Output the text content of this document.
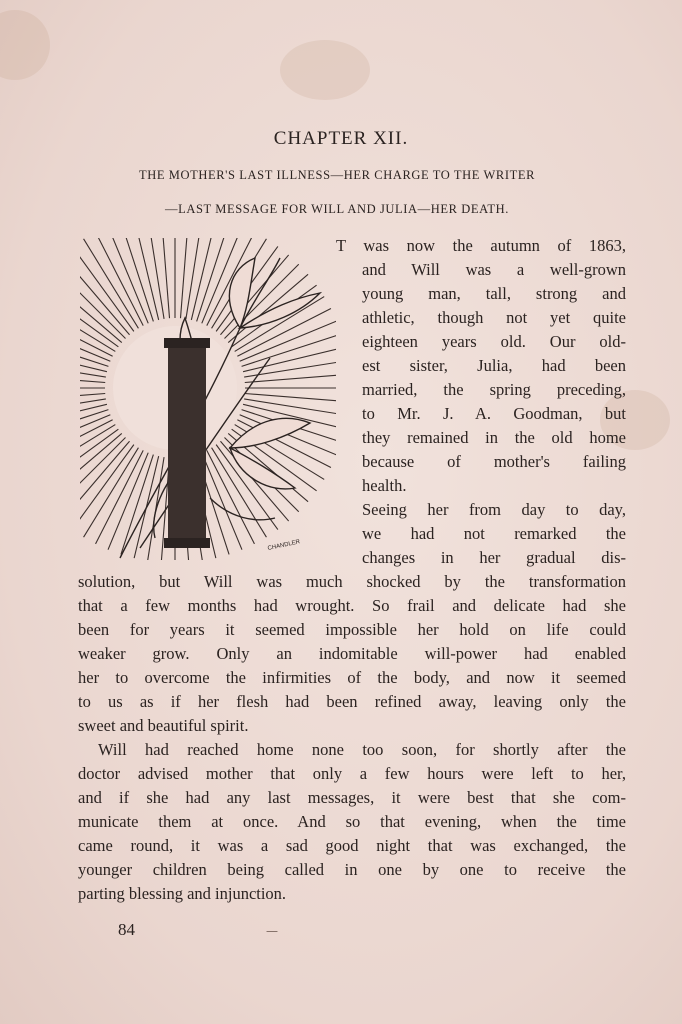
CHAPTER XII.
THE MOTHER'S LAST ILLNESS—HER CHARGE TO THE WRITER
—LAST MESSAGE FOR WILL AND JULIA—HER DEATH.
CHANDLER
T was now the autumn of 1863,
and Will was a well-grown
young man, tall, strong and
athletic, though not yet quite
eighteen years old. Our old-
est sister, Julia, had been
married, the spring preceding,
to Mr. J. A. Goodman, but
they remained in the old home
because of mother's failing
health.
Seeing her from day to day,
we had not remarked the
changes in her gradual dis-
solution, but Will was much shocked by the transformation
that a few months had wrought. So frail and delicate had she
been for years it seemed impossible her hold on life could
weaker grow. Only an indomitable will-power had enabled
her to overcome the infirmities of the body, and now it seemed
to us as if her flesh had been refined away, leaving only the
sweet and beautiful spirit.
Will had reached home none too soon, for shortly after the
doctor advised mother that only a few hours were left to her,
and if she had any last messages, it were best that she com-
municate them at once. And so that evening, when the time
came round, it was a sad good night that was exchanged, the
younger children being called in one by one to receive the
parting blessing and injunction.
84	—
